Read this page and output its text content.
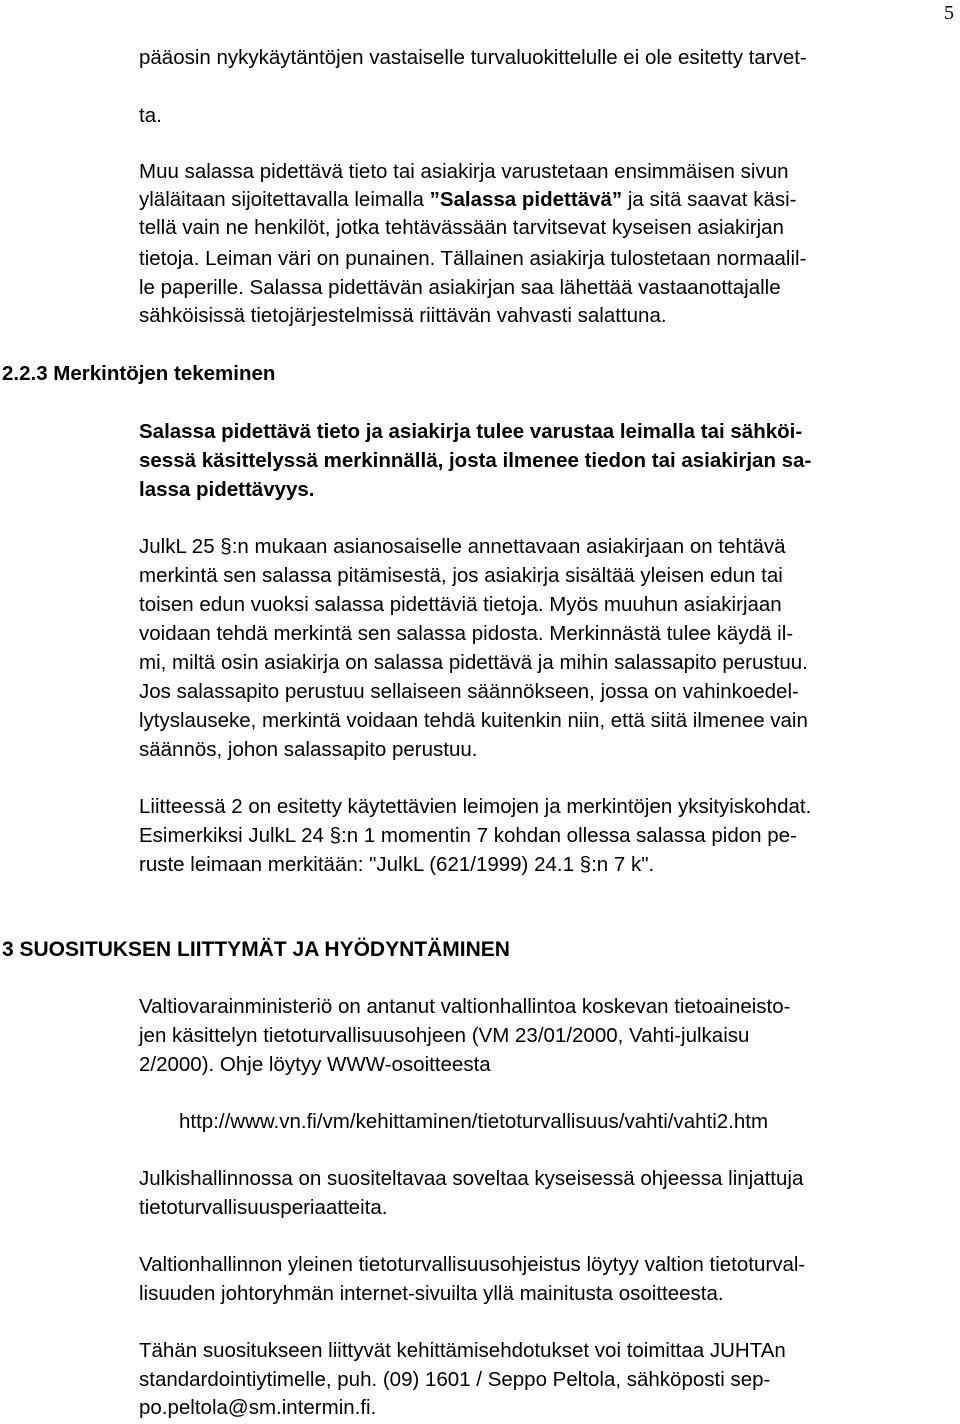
5
pääosin nykykäytäntöjen vastaiselle turvaluokittelulle ei ole esitetty tarvet-
ta.
Muu salassa pidettävä tieto tai asiakirja varustetaan ensimmäisen sivun
yläläitaan sijoitettavalla leimalla ”Salassa pidettävä” ja sitä saavat käsi-
tellä vain ne henkilöt, jotka tehtävässään tarvitsevat kyseisen asiakirjan
tietoja. Leiman väri on punainen. Tällainen asiakirja tulostetaan normaalil-
le paperille. Salassa pidettävän asiakirjan saa lähettää vastaanottajalle
sähköisissä tietojärjestelmissä riittävän vahvasti salattuna.
2.2.3 Merkintöjen tekeminen
Salassa pidettävä tieto ja asiakirja tulee varustaa leimalla tai sähköi-
sessä käsittelyssä merkinnällä, josta ilmenee tiedon tai asiakirjan sa-
lassa pidettävyys.
JulkL 25 §:n mukaan asianosaiselle annettavaan asiakirjaan on tehtävä
merkintä sen salassa pitämisestä, jos asiakirja sisältää yleisen edun tai
toisen edun vuoksi salassa pidettäviä tietoja. Myös muuhun asiakirjaan
voidaan tehdä merkintä sen salassa pidosta. Merkinnästä tulee käydä il-
mi, miltä osin asiakirja on salassa pidettävä ja mihin salassapito perustuu.
Jos salassapito perustuu sellaiseen säännökseen, jossa on vahinkoedel-
lytyslauseke, merkintä voidaan tehdä kuitenkin niin, että siitä ilmenee vain
säännös, johon salassapito perustuu.
Liitteessä 2 on esitetty käytettävien leimojen ja merkintöjen yksityiskohdat.
Esimerkiksi JulkL 24 §:n 1 momentin 7 kohdan ollessa salassa pidon pe-
ruste leimaan merkitään: "JulkL (621/1999) 24.1 §:n 7 k".
3 SUOSITUKSEN LIITTYMÄT JA HYÖDYNTÄMINEN
Valtiovarainministeriö on antanut valtionhallintoa koskevan tietoaineisto-
jen käsittelyn tietoturvallisuusohjeen (VM 23/01/2000, Vahti-julkaisu
2/2000). Ohje löytyy WWW-osoitteesta
http://www.vn.fi/vm/kehittaminen/tietoturvallisuus/vahti/vahti2.htm
Julkishallinnossa on suositeltavaa soveltaa kyseisessä ohjeessa linjattuja
tietoturvallisuusperiaatteita.
Valtionhallinnon yleinen tietoturvallisuusohjeistus löytyy valtion tietoturval-
lisuuden johtoryhmän internet-sivuilta yllä mainitusta osoitteesta.
Tähän suositukseen liittyvät kehittämisehdotukset voi toimittaa JUHTAn
standardointiytimelle, puh. (09) 1601 / Seppo Peltola, sähköposti sep-
po.peltola@sm.intermin.fi.
